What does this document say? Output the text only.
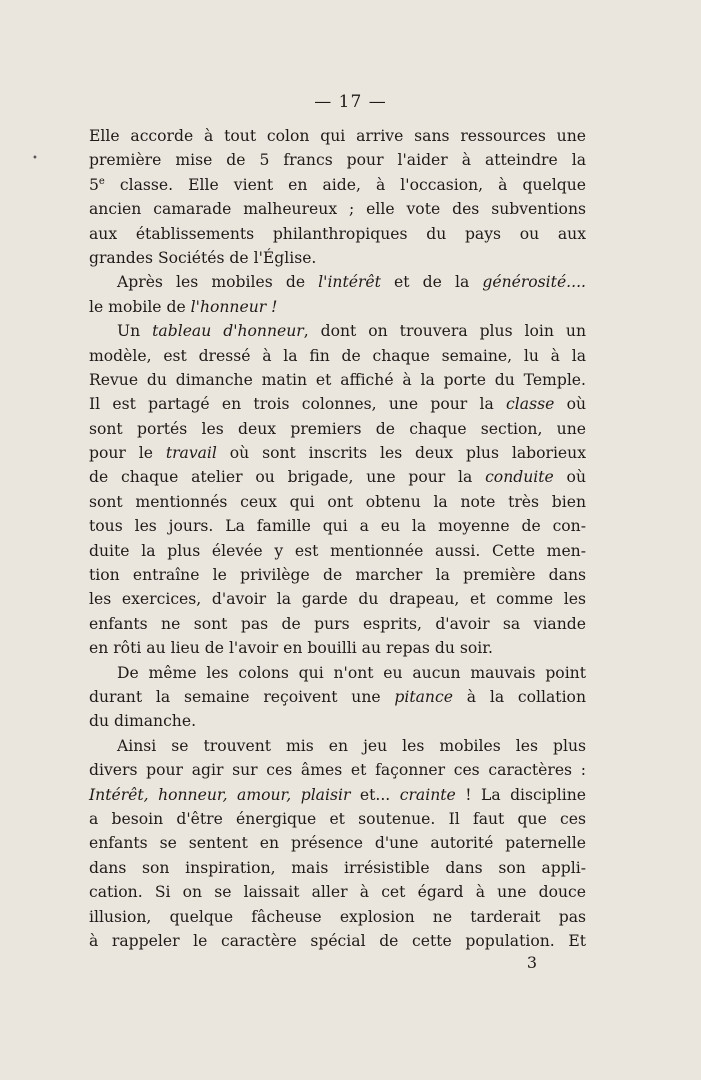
•
— 17 —
Elle accorde à tout colon qui arrive sans ressources une
première mise de 5 francs pour l'aider à atteindre la
5e classe. Elle vient en aide, à l'occasion, à quelque
ancien camarade malheureux ; elle vote des subventions
aux établissements philanthropiques du pays ou aux
grandes Sociétés de l'Église.
Après les mobiles de l'intérêt et de la générosité....
le mobile de l'honneur !
Un tableau d'honneur, dont on trouvera plus loin un
modèle, est dressé à la fin de chaque semaine, lu à la
Revue du dimanche matin et affiché à la porte du Temple.
Il est partagé en trois colonnes, une pour la classe où
sont portés les deux premiers de chaque section, une
pour le travail où sont inscrits les deux plus laborieux
de chaque atelier ou brigade, une pour la conduite où
sont mentionnés ceux qui ont obtenu la note très bien
tous les jours. La famille qui a eu la moyenne de con-
duite la plus élevée y est mentionnée aussi. Cette men-
tion entraîne le privilège de marcher la première dans
les exercices, d'avoir la garde du drapeau, et comme les
enfants ne sont pas de purs esprits, d'avoir sa viande
en rôti au lieu de l'avoir en bouilli au repas du soir.
De même les colons qui n'ont eu aucun mauvais point
durant la semaine reçoivent une pitance à la collation
du dimanche.
Ainsi se trouvent mis en jeu les mobiles les plus
divers pour agir sur ces âmes et façonner ces caractères :
Intérêt, honneur, amour, plaisir et... crainte ! La discipline
a besoin d'être énergique et soutenue. Il faut que ces
enfants se sentent en présence d'une autorité paternelle
dans son inspiration, mais irrésistible dans son appli-
cation. Si on se laissait aller à cet égard à une douce
illusion, quelque fâcheuse explosion ne tarderait pas
à rappeler le caractère spécial de cette population. Et
3
